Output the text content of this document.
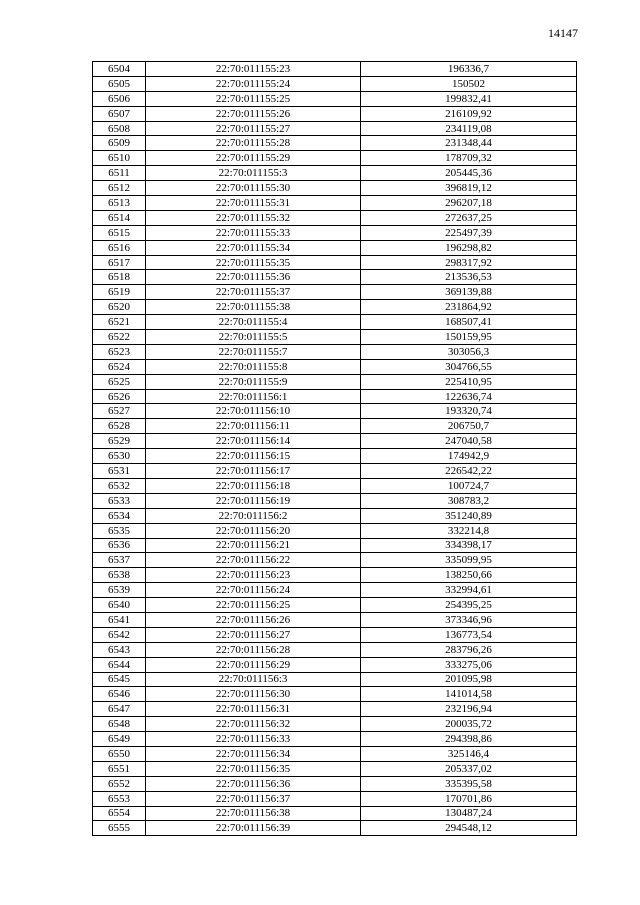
14147
6504	22:70:011155:23	196336,7
6505	22:70:011155:24	150502
6506	22:70:011155:25	199832,41
6507	22:70:011155:26	216109,92
6508	22:70:011155:27	234119,08
6509	22:70:011155:28	231348,44
6510	22:70:011155:29	178709,32
6511	22:70:011155:3	205445,36
6512	22:70:011155:30	396819,12
6513	22:70:011155:31	296207,18
6514	22:70:011155:32	272637,25
6515	22:70:011155:33	225497,39
6516	22:70:011155:34	196298,82
6517	22:70:011155:35	298317,92
6518	22:70:011155:36	213536,53
6519	22:70:011155:37	369139,88
6520	22:70:011155:38	231864,92
6521	22:70:011155:4	168507,41
6522	22:70:011155:5	150159,95
6523	22:70:011155:7	303056,3
6524	22:70:011155:8	304766,55
6525	22:70:011155:9	225410,95
6526	22:70:011156:1	122636,74
6527	22:70:011156:10	193320,74
6528	22:70:011156:11	206750,7
6529	22:70:011156:14	247040,58
6530	22:70:011156:15	174942,9
6531	22:70:011156:17	226542,22
6532	22:70:011156:18	100724,7
6533	22:70:011156:19	308783,2
6534	22:70:011156:2	351240,89
6535	22:70:011156:20	332214,8
6536	22:70:011156:21	334398,17
6537	22:70:011156:22	335099,95
6538	22:70:011156:23	138250,66
6539	22:70:011156:24	332994,61
6540	22:70:011156:25	254395,25
6541	22:70:011156:26	373346,96
6542	22:70:011156:27	136773,54
6543	22:70:011156:28	283796,26
6544	22:70:011156:29	333275,06
6545	22:70:011156:3	201095,98
6546	22:70:011156:30	141014,58
6547	22:70:011156:31	232196,94
6548	22:70:011156:32	200035,72
6549	22:70:011156:33	294398,86
6550	22:70:011156:34	325146,4
6551	22:70:011156:35	205337,02
6552	22:70:011156:36	335395,58
6553	22:70:011156:37	170701,86
6554	22:70:011156:38	130487,24
6555	22:70:011156:39	294548,12
